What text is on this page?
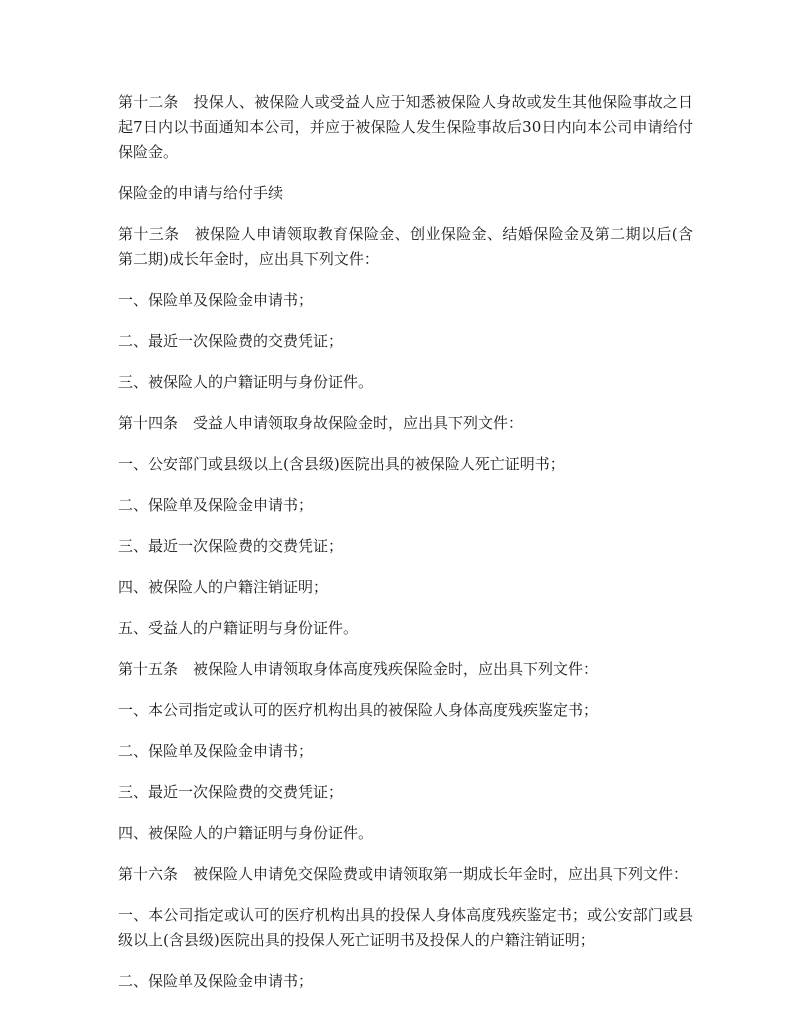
第十二条 投保人、被保险人或受益人应于知悉被保险人身故或发生其他保险事故之日起7日内以书面通知本公司，并应于被保险人发生保险事故后30日内向本公司申请给付保险金。

保险金的申请与给付手续

第十三条 被保险人申请领取教育保险金、创业保险金、结婚保险金及第二期以后(含第二期)成长年金时，应出具下列文件：

一、保险单及保险金申请书；

二、最近一次保险费的交费凭证；

三、被保险人的户籍证明与身份证件。

第十四条 受益人申请领取身故保险金时，应出具下列文件：

一、公安部门或县级以上(含县级)医院出具的被保险人死亡证明书；

二、保险单及保险金申请书；

三、最近一次保险费的交费凭证；

四、被保险人的户籍注销证明；

五、受益人的户籍证明与身份证件。

第十五条 被保险人申请领取身体高度残疾保险金时，应出具下列文件：

一、本公司指定或认可的医疗机构出具的被保险人身体高度残疾鉴定书；

二、保险单及保险金申请书；

三、最近一次保险费的交费凭证；

四、被保险人的户籍证明与身份证件。

第十六条 被保险人申请免交保险费或申请领取第一期成长年金时，应出具下列文件：

一、本公司指定或认可的医疗机构出具的投保人身体高度残疾鉴定书；或公安部门或县级以上(含县级)医院出具的投保人死亡证明书及投保人的户籍注销证明；

二、保险单及保险金申请书；
